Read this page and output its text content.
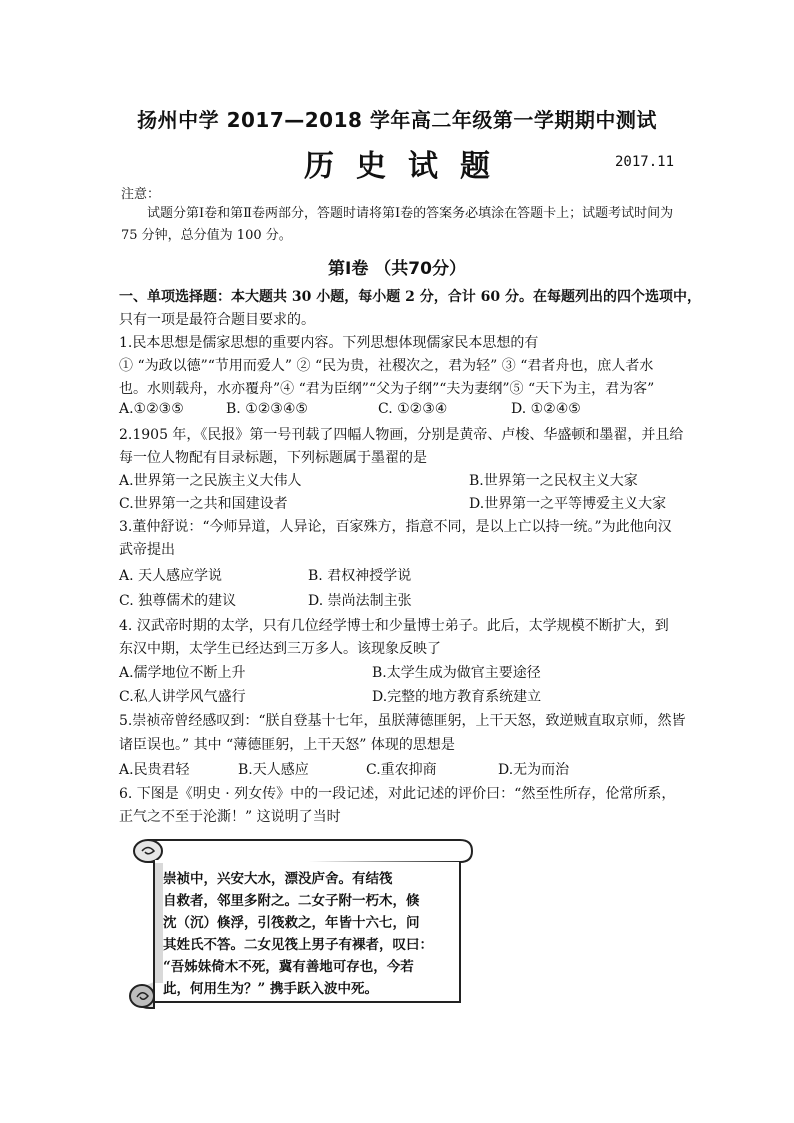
扬州中学 2017—2018 学年高二年级第一学期期中测试
历史试题	2017.11
注意：
试题分第Ⅰ卷和第Ⅱ卷两部分，答题时请将第Ⅰ卷的答案务必填涂在答题卡上；试题考试时间为 75 分钟，总分值为 100 分。
第Ⅰ卷 （共70分）
一、单项选择题：本大题共 30 小题，每小题 2 分，合计 60 分。在每题列出的四个选项中，
只有一项是最符合题目要求的。
1.民本思想是儒家思想的重要内容。下列思想体现儒家民本思想的有
① “为政以德”“节用而爱人” ② “民为贵，社稷次之，君为轻” ③ “君者舟也，庶人者水
也。水则载舟，水亦覆舟”④ “君为臣纲”“父为子纲”“夫为妻纲”⑤ “天下为主，君为客”
A.①②③⑤	B. ①②③④⑤	C. ①②③④	D. ①②④⑤
2.1905 年，《民报》第一号刊载了四幅人物画，分别是黄帝、卢梭、华盛顿和墨翟，并且给
每一位人物配有目录标题，下列标题属于墨翟的是
A.世界第一之民族主义大伟人	B.世界第一之民权主义大家
C.世界第一之共和国建设者	D.世界第一之平等博爱主义大家
3.董仲舒说：“今师异道，人异论，百家殊方，指意不同，是以上亡以持一统。”为此他向汉
武帝提出
A. 天人感应学说	B. 君权神授学说
C. 独尊儒术的建议	D. 崇尚法制主张
4. 汉武帝时期的太学，只有几位经学博士和少量博士弟子。此后，太学规模不断扩大，到
东汉中期，太学生已经达到三万多人。该现象反映了
A.儒学地位不断上升	B.太学生成为做官主要途径
C.私人讲学风气盛行	D.完整的地方教育系统建立
5.崇祯帝曾经感叹到：“朕自登基十七年，虽朕薄德匪躬，上干天怒，致逆贼直取京师，然皆
诸臣误也。” 其中 “薄德匪躬，上干天怒” 体现的思想是
A.民贵君轻	B.天人感应	C.重农抑商	D.无为而治
6. 下图是《明史 · 列女传》中的一段记述，对此记述的评价曰：“然至性所存，伦常所系，
正气之不至于沦澌！” 这说明了当时
崇祯中，兴安大水，漂没庐舍。有结筏
自救者，邻里多附之。二女子附一朽木，倏
沈（沉）倏浮，引筏救之，年皆十六七，问
其姓氏不答。二女见筏上男子有裸者，叹曰：
“吾姊妹倚木不死，冀有善地可存也，今若
此，何用生为？” 携手跃入波中死。
